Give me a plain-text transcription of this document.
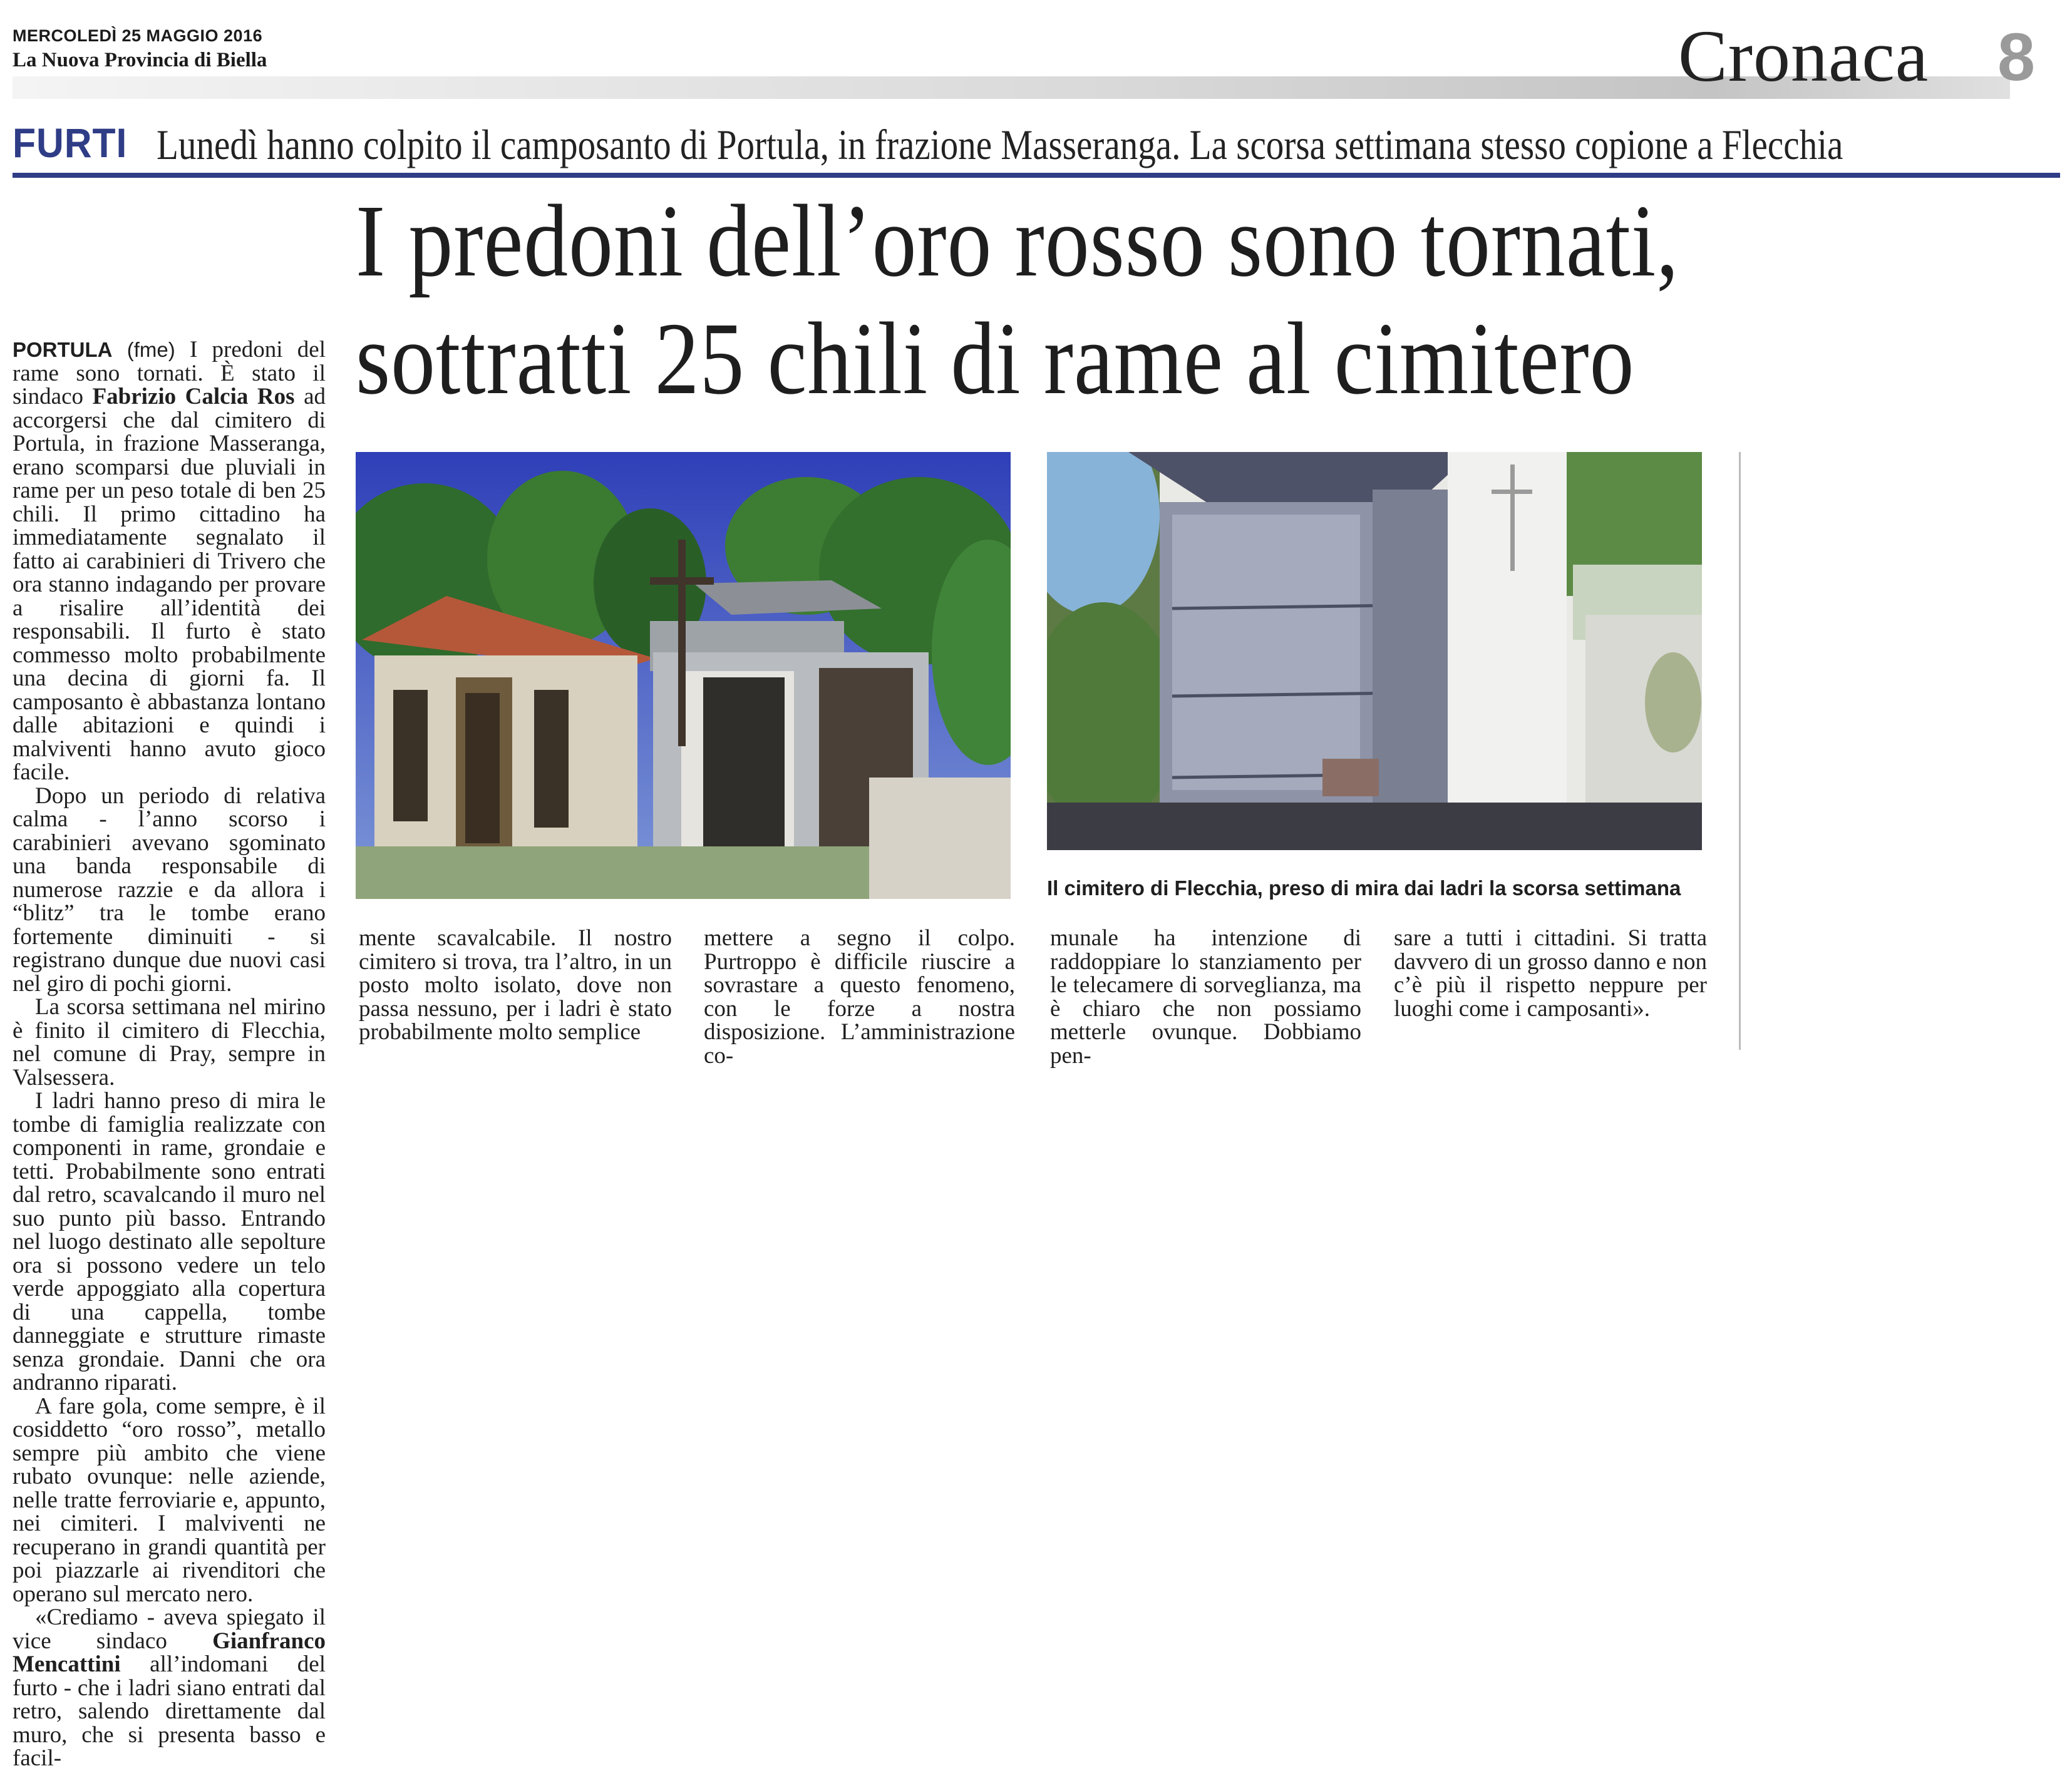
MERCOLEDÌ 25 MAGGIO 2016
La Nuova Provincia di Biella	Cronaca 8
FURTI Lunedì hanno colpito il camposanto di Portula, in frazione Masseranga. La scorsa settimana stesso copione a Flecchia
I predoni dell’oro rosso sono tornati,
sottratti 25 chili di rame al cimitero

PORTULA (fme) I predoni del rame sono tornati. È stato il sindaco Fabrizio Calcia Ros ad accorgersi che dal cimitero di Portula, in frazione Masseranga, erano scomparsi due pluviali in rame per un peso totale di ben 25 chili. Il primo cittadino ha immediatamente segnalato il fatto ai carabinieri di Trivero che ora stanno indagando per provare a risalire all’identità dei responsabili. Il furto è stato commesso molto probabilmente una decina di giorni fa. Il camposanto è abbastanza lontano dalle abitazioni e quindi i malviventi hanno avuto gioco facile.

Dopo un periodo di relativa calma - l’anno scorso i carabinieri avevano sgominato una banda responsabile di numerose razzie e da allora i “blitz” tra le tombe erano fortemente diminuiti - si registrano dunque due nuovi casi nel giro di pochi giorni.

La scorsa settimana nel mirino è finito il cimitero di Flecchia, nel comune di Pray, sempre in Valsessera.

I ladri hanno preso di mira le tombe di famiglia realizzate con componenti in rame, grondaie e tetti. Probabilmente sono entrati dal retro, scavalcando il muro nel suo punto più basso. Entrando nel luogo destinato alle sepolture ora si possono vedere un telo verde appoggiato alla copertura di una cappella, tombe danneggiate e strutture rimaste senza grondaie. Danni che ora andranno riparati.

A fare gola, come sempre, è il cosiddetto “oro rosso”, metallo sempre più ambito che viene rubato ovunque: nelle aziende, nelle tratte ferroviarie e, appunto, nei cimiteri. I malviventi ne recuperano in grandi quantità per poi piazzarle ai rivenditori che operano sul mercato nero.

«Crediamo - aveva spiegato il vice sindaco Gianfranco Mencattini all’indomani del furto - che i ladri siano entrati dal retro, salendo direttamente dal muro, che si presenta basso e facil-

Il cimitero di Flecchia, preso di mira dai ladri la scorsa settimana

mente scavalcabile. Il nostro cimitero si trova, tra l’altro, in un posto molto isolato, dove non passa nessuno, per i ladri è stato probabilmente molto semplice

mettere a segno il colpo. Purtroppo è difficile riuscire a sovrastare a questo fenomeno, con le forze a nostra disposizione. L’amministrazione co-

munale ha intenzione di raddoppiare lo stanziamento per le telecamere di sorveglianza, ma è chiaro che non possiamo metterle ovunque. Dobbiamo pen-

sare a tutti i cittadini. Si tratta davvero di un grosso danno e non c’è più il rispetto neppure per luoghi come i camposanti».
